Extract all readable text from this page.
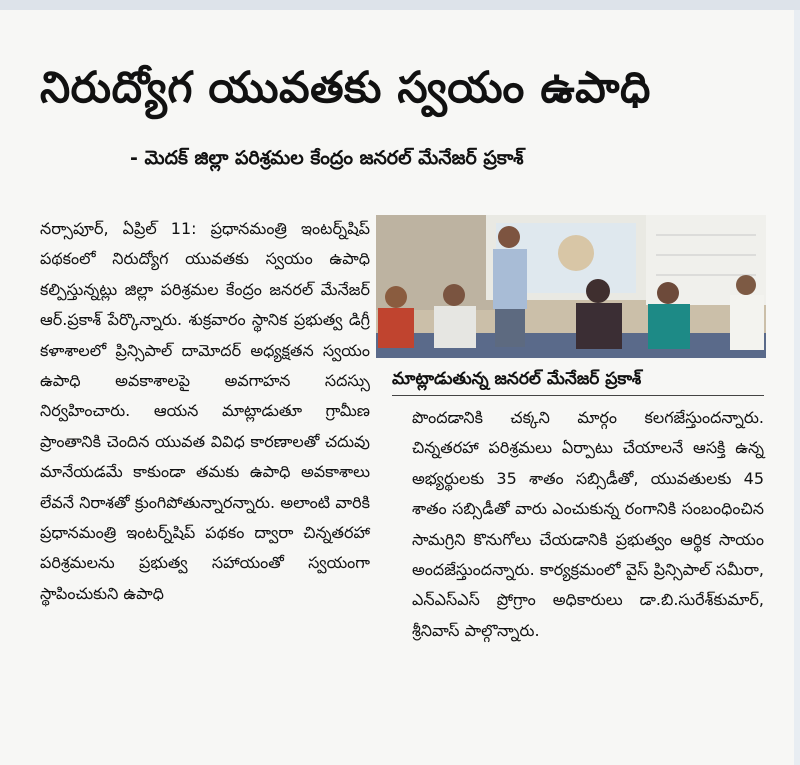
నిరుద్యోగ యువతకు స్వయం ఉపాధి
- మెదక్ జిల్లా పరిశ్రమల కేంద్రం జనరల్ మేనేజర్ ప్రకాశ్

నర్సాపూర్, ఏప్రిల్ 11: ప్రధానమంత్రి ఇంటర్న్‌షిప్ పథకంలో నిరుద్యోగ యువతకు స్వయం ఉపాధి కల్పిస్తున్నట్లు జిల్లా పరిశ్రమల కేంద్రం జనరల్ మేనేజర్ ఆర్.ప్రకాశ్ పేర్కొన్నారు. శుక్రవారం స్థానిక ప్రభుత్వ డిగ్రీ కళాశాలలో ప్రిన్సిపాల్ దామోదర్ అధ్యక్షతన స్వయం ఉపాధి అవకాశాలపై అవగాహన సదస్సు నిర్వహించారు. ఆయన మాట్లాడుతూ గ్రామీణ ప్రాంతానికి చెందిన యువత వివిధ కారణాలతో చదువు మానేయడమే కాకుండా తమకు ఉపాధి అవకాశాలు లేవనే నిరాశతో క్రుంగిపోతున్నారన్నారు. అలాంటి వారికి ప్రధానమంత్రి ఇంటర్న్‌షిప్ పథకం ద్వారా చిన్నతరహా పరిశ్రమలను ప్రభుత్వ సహాయంతో స్వయంగా స్థాపించుకుని ఉపాధి

మాట్లాడుతున్న జనరల్ మేనేజర్ ప్రకాశ్

పొందడానికి చక్కని మార్గం కలగజేస్తుందన్నారు. చిన్నతరహా పరిశ్రమలు ఏర్పాటు చేయాలనే ఆసక్తి ఉన్న అభ్యర్థులకు 35 శాతం సబ్సిడీతో, యువతులకు 45 శాతం సబ్సిడీతో వారు ఎంచుకున్న రంగానికి సంబంధించిన సామగ్రిని కొనుగోలు చేయడానికి ప్రభుత్వం ఆర్థిక సాయం అందజేస్తుందన్నారు. కార్యక్రమంలో వైస్ ప్రిన్సిపాల్ సమీరా, ఎన్ఎస్ఎస్ ప్రోగ్రాం అధికారులు డా.బి.సురేశ్‌కుమార్, శ్రీనివాస్ పాల్గొన్నారు.
